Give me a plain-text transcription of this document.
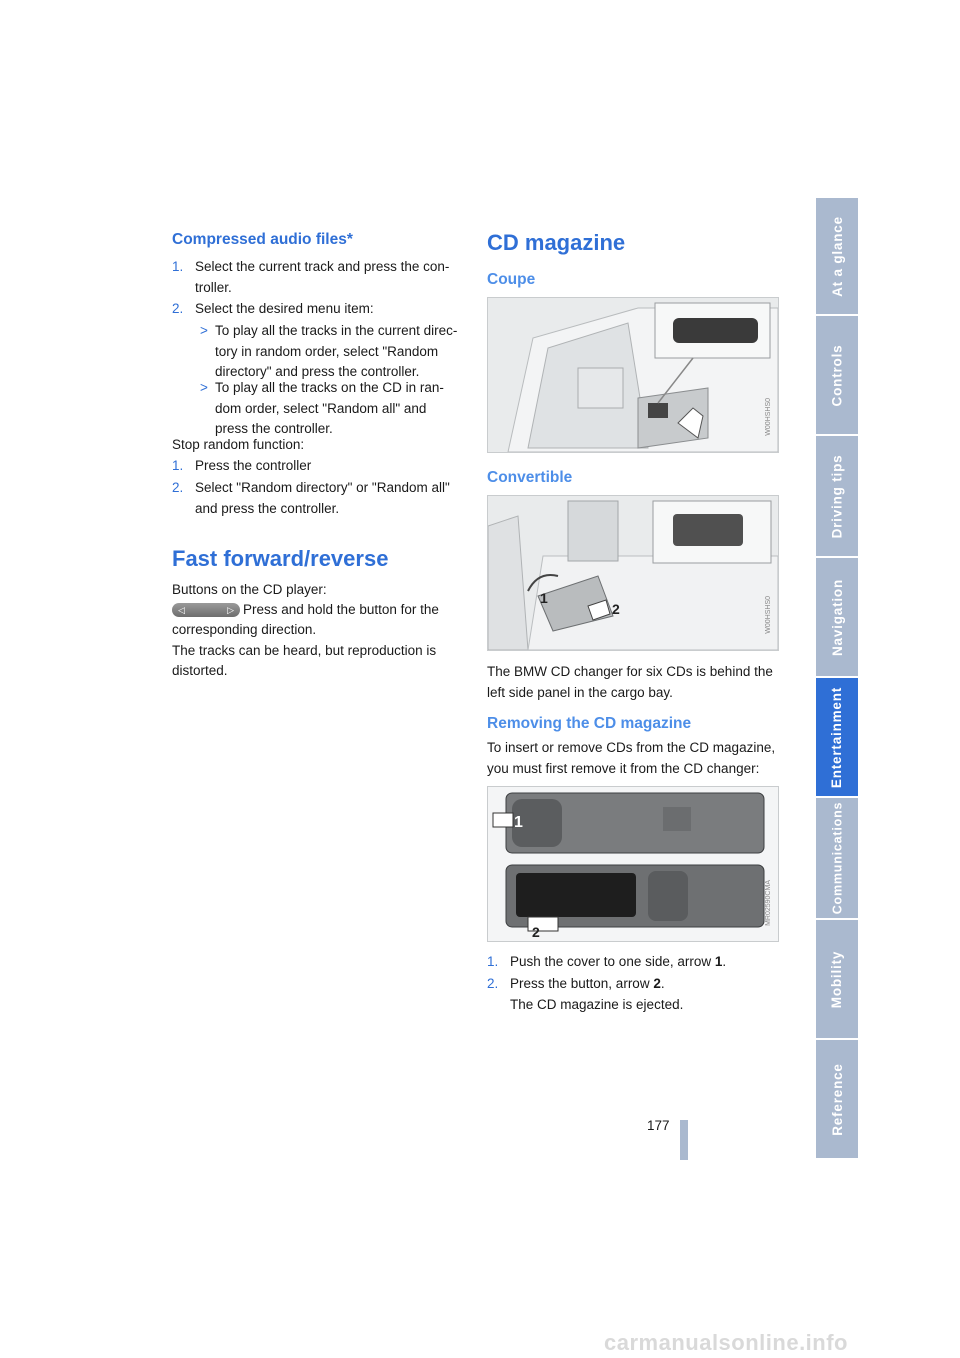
Compressed audio files*
1. Select the current track and press the con-
troller.

2. Select the desired menu item:

> To play all the tracks in the current direc-
tory in random order, select "Random
directory" and press the controller.

> To play all the tracks on the CD in ran-
dom order, select "Random all" and
press the controller.

Stop random function:

1. Press the controller

2. Select "Random directory" or "Random all"
and press the controller.

Fast forward/reverse

Buttons on the CD player:

◁	▷ Press and hold the button for the

corresponding direction.
The tracks can be heard, but reproduction is
distorted.

CD magazine
Coupe
W00HSHS0
Convertible
1
2	W00HSHS0

The BMW CD changer for six CDs is behind the
left side panel in the cargo bay.

Removing the CD magazine

To insert or remove CDs from the CD magazine,
you must first remove it from the CD changer:

1
2
MR02590CMA
1. Push the cover to one side, arrow 1.

2. Press the button, arrow 2.
The CD magazine is ejected.

At a glance
Controls
Driving tips
Navigation
Entertainment
Communications
Mobility
Reference
177
carmanualsonline.info
